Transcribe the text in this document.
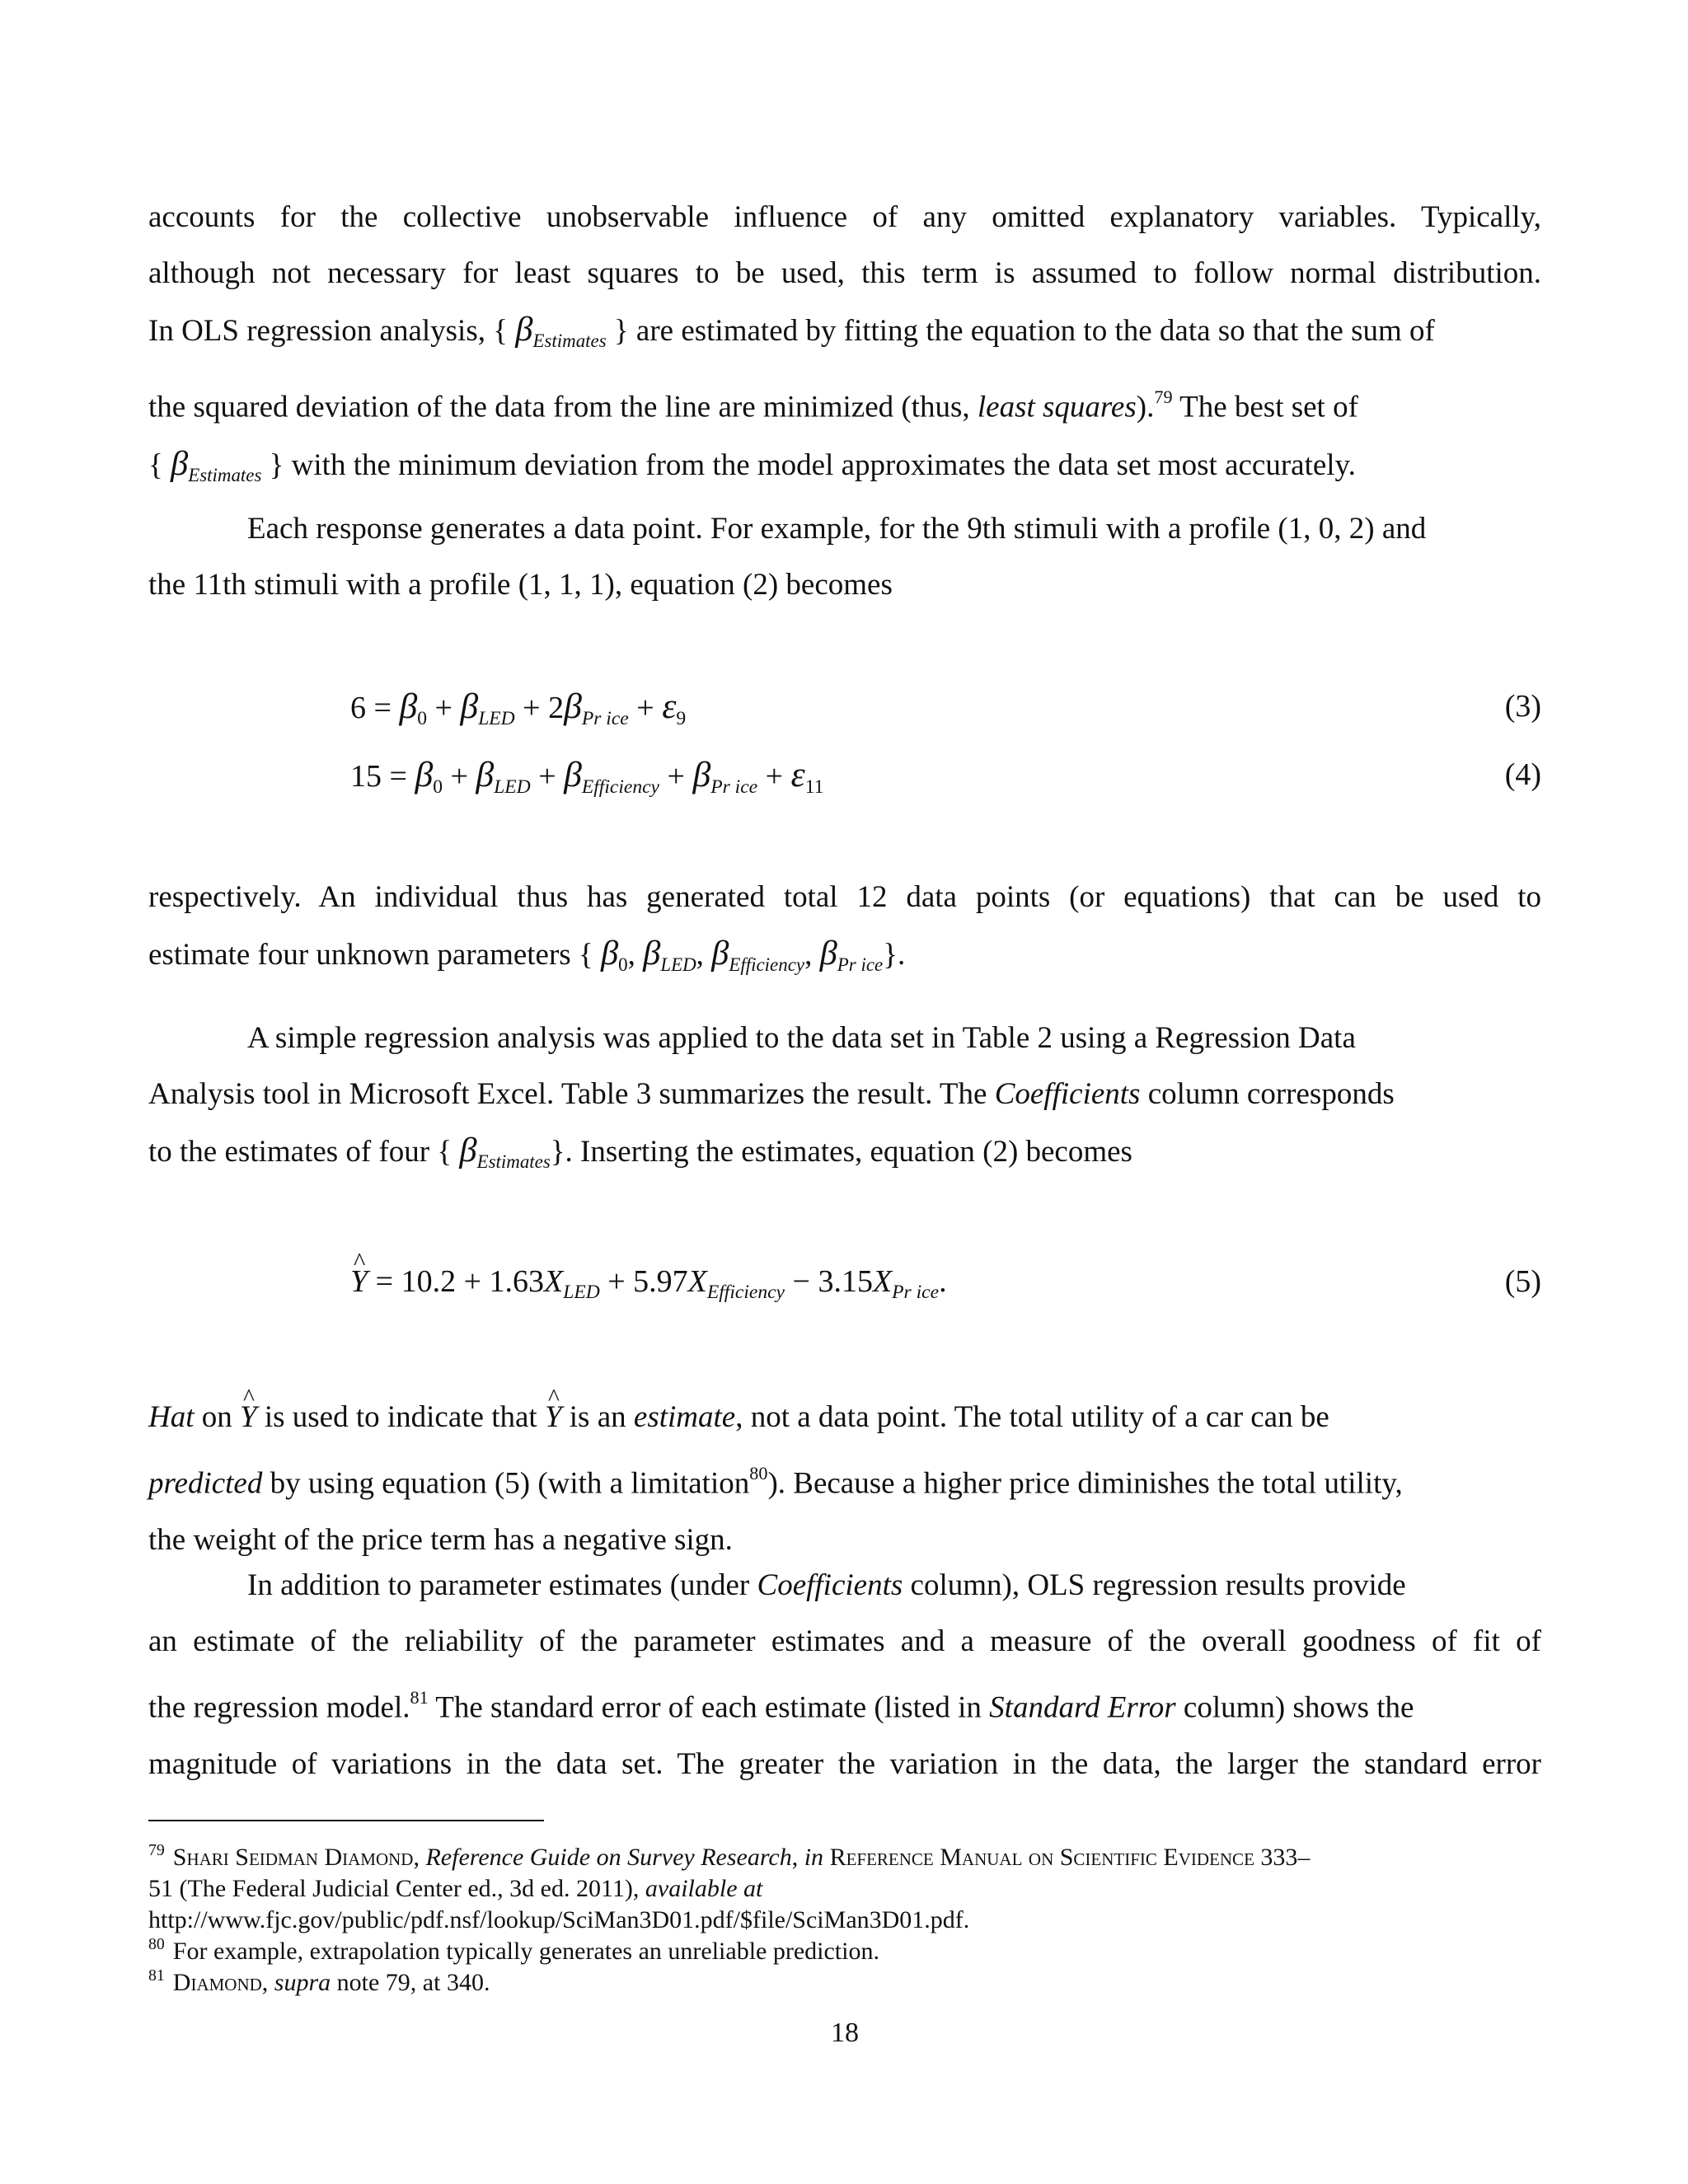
accounts for the collective unobservable influence of any omitted explanatory variables. Typically,
although not necessary for least squares to be used, this term is assumed to follow normal distribution.
In OLS regression analysis, { $\beta_{Estimates}$ } are estimated by fitting the equation to the data so that the sum of
the squared deviation of the data from the line are minimized (thus, least squares).$^{79}$ The best set of
{ $\beta_{Estimates}$ } with the minimum deviation from the model approximates the data set most accurately.
Each response generates a data point. For example, for the 9th stimuli with a profile (1, 0, 2) and
the 11th stimuli with a profile (1, 1, 1), equation (2) becomes
$6 = \beta_0 + \beta_{LED} + 2\beta_{Pr ice} + \varepsilon_9$	(3)
$15 = \beta_0 + \beta_{LED} + \beta_{Efficiency} + \beta_{Pr ice} + \varepsilon_{11}$	(4)
respectively. An individual thus has generated total 12 data points (or equations) that can be used to
estimate four unknown parameters { $\beta_0$, $\beta_{LED}$, $\beta_{Efficiency}$, $\beta_{Pr ice}$}.
A simple regression analysis was applied to the data set in Table 2 using a Regression Data
Analysis tool in Microsoft Excel. Table 3 summarizes the result. The Coefficients column corresponds
to the estimates of four { $\beta_{Estimates}$}. Inserting the estimates, equation (2) becomes
^ $Y = 10.2 + 1.63X_{LED} + 5.97X_{Efficiency} - 3.15X_{Pr ice}$.	(5)
Hat on ^ Y is used to indicate that ^ Y is an estimate, not a data point. The total utility of a car can be
predicted by using equation (5) (with a limitation$^{80}$). Because a higher price diminishes the total utility,
the weight of the price term has a negative sign.
In addition to parameter estimates (under Coefficients column), OLS regression results provide
an estimate of the reliability of the parameter estimates and a measure of the overall goodness of fit of
the regression model.$^{81}$ The standard error of each estimate (listed in Standard Error column) shows the
magnitude of variations in the data set. The greater the variation in the data, the larger the standard error
$^{79}$ Shari Seidman Diamond, Reference Guide on Survey Research, in Reference Manual on Scientific Evidence 333–
51 (The Federal Judicial Center ed., 3d ed. 2011), available at
http://www.fjc.gov/public/pdf.nsf/lookup/SciMan3D01.pdf/$file/SciMan3D01.pdf.
$^{80}$ For example, extrapolation typically generates an unreliable prediction.
$^{81}$ Diamond, supra note 79, at 340.
18
